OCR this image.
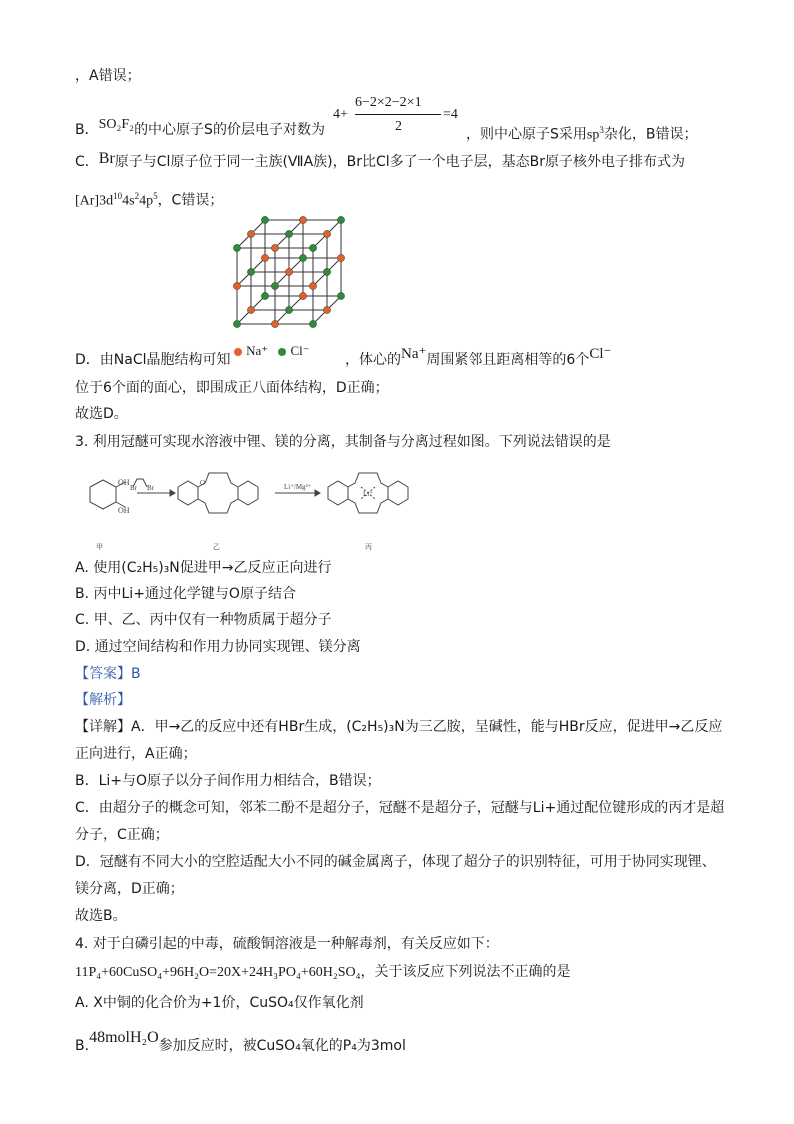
，A错误；
B．SO₂F₂的中心原子S的价层电子对数为
4+
6−2×2−2×1
2
=4
，则中心原子S采用$sp^3$杂化，B错误；
C．Br原子与Cl原子位于同一主族(ⅦA族)，Br比Cl多了一个电子层，基态Br原子核外电子排布式为
$[Ar]3d^{10}4s^24p^5$，C错误；
D．由NaCl晶胞结构可知
Na⁺ Cl⁻
，体心的Na⁺周围紧邻且距离相等的6个Cl⁻
位于6个面的面心，即围成正八面体结构，D正确；
故选D。
3. 利用冠醚可实现水溶液中锂、镁的分离，其制备与分离过程如图。下列说法错误的是
OH
OH
Br Br	Li⁺/Mg²⁺
O
Li⁺
甲	乙	丙
A. 使用(C₂H₅)₃N促进甲→乙反应正向进行
B. 丙中Li+通过化学键与O原子结合
C. 甲、乙、丙中仅有一种物质属于超分子
D. 通过空间结构和作用力协同实现锂、镁分离
【答案】B
【解析】
【详解】A．甲→乙的反应中还有HBr生成，(C₂H₅)₃N为三乙胺，呈碱性，能与HBr反应，促进甲→乙反应
正向进行，A正确；
B．Li+与O原子以分子间作用力相结合，B错误；
C．由超分子的概念可知，邻苯二酚不是超分子，冠醚不是超分子，冠醚与Li+通过配位键形成的丙才是超
分子，C正确；
D．冠醚有不同大小的空腔适配大小不同的碱金属离子，体现了超分子的识别特征，可用于协同实现锂、
镁分离，D正确；
故选B。
4. 对于白磷引起的中毒，硫酸铜溶液是一种解毒剂，有关反应如下：
11P₄+60CuSO₄+96H₂O=20X+24H₃PO₄+60H₂SO₄，关于该反应下列说法不正确的是
A. X中铜的化合价为+1价，CuSO₄仅作氧化剂
B.48molH₂O参加反应时，被CuSO₄氧化的P₄为3mol
